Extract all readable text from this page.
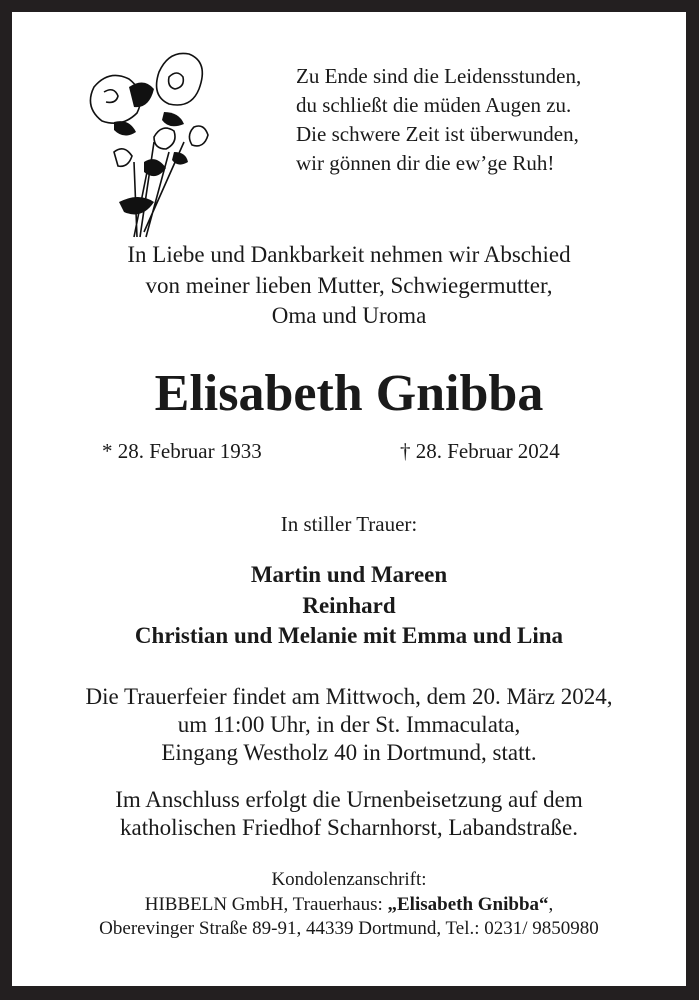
Zu Ende sind die Leidensstunden,
du schließt die müden Augen zu.
Die schwere Zeit ist überwunden,
wir gönnen dir die ew’ge Ruh!
In Liebe und Dankbarkeit nehmen wir Abschied
von meiner lieben Mutter, Schwiegermutter,
Oma und Uroma
Elisabeth Gnibba
* 28. Februar 1933	† 28. Februar 2024
In stiller Trauer:
Martin und Mareen
Reinhard
Christian und Melanie mit Emma und Lina
Die Trauerfeier findet am Mittwoch, dem 20. März 2024,
um 11:00 Uhr, in der St. Immaculata,
Eingang Westholz 40 in Dortmund, statt.
Im Anschluss erfolgt die Urnenbeisetzung auf dem
katholischen Friedhof Scharnhorst, Labandstraße.
Kondolenzanschrift:
HIBBELN GmbH, Trauerhaus: „Elisabeth Gnibba“,
Oberevinger Straße 89-91, 44339 Dortmund, Tel.: 0231/ 9850980
